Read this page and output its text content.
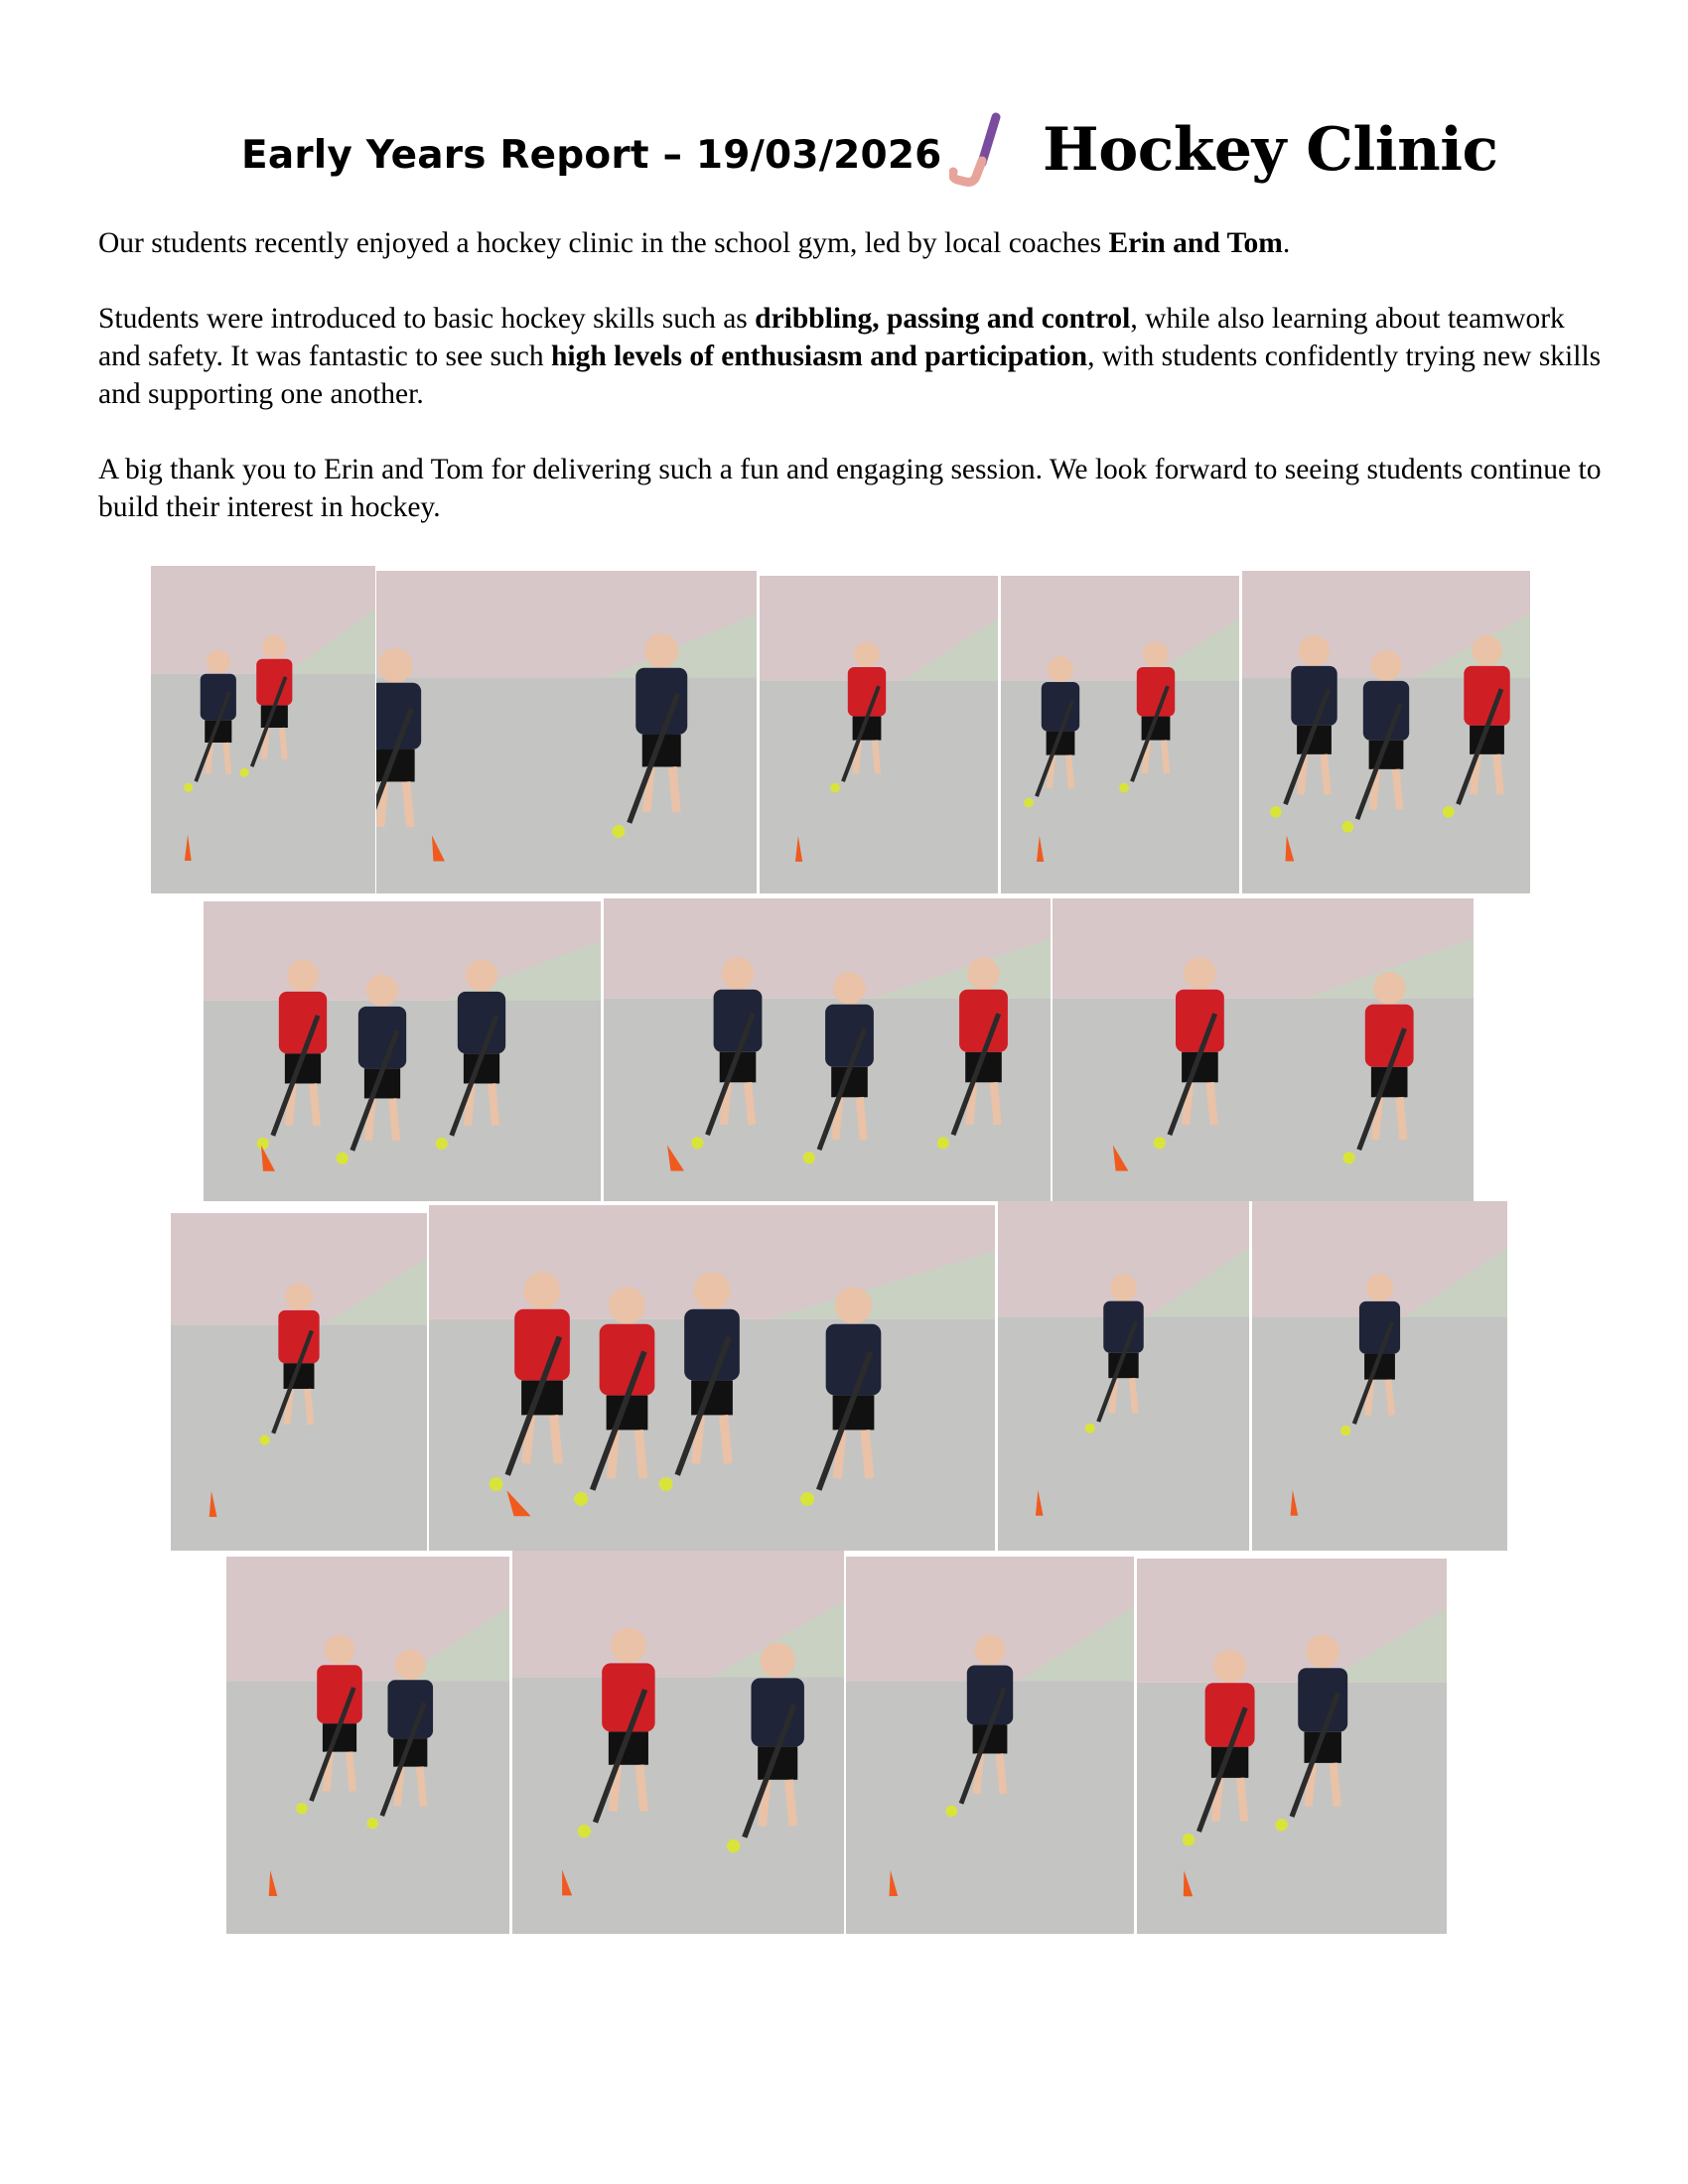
Early Years Report – 19/03/2026 Hockey Clinic

Our students recently enjoyed a hockey clinic in the school gym, led by local coaches Erin and Tom.

Students were introduced to basic hockey skills such as dribbling, passing and control, while also learning about teamwork and safety. It was fantastic to see such high levels of enthusiasm and participation, with students confidently trying new skills and supporting one another.

A big thank you to Erin and Tom for delivering such a fun and engaging session. We look forward to seeing students continue to build their interest in hockey.
